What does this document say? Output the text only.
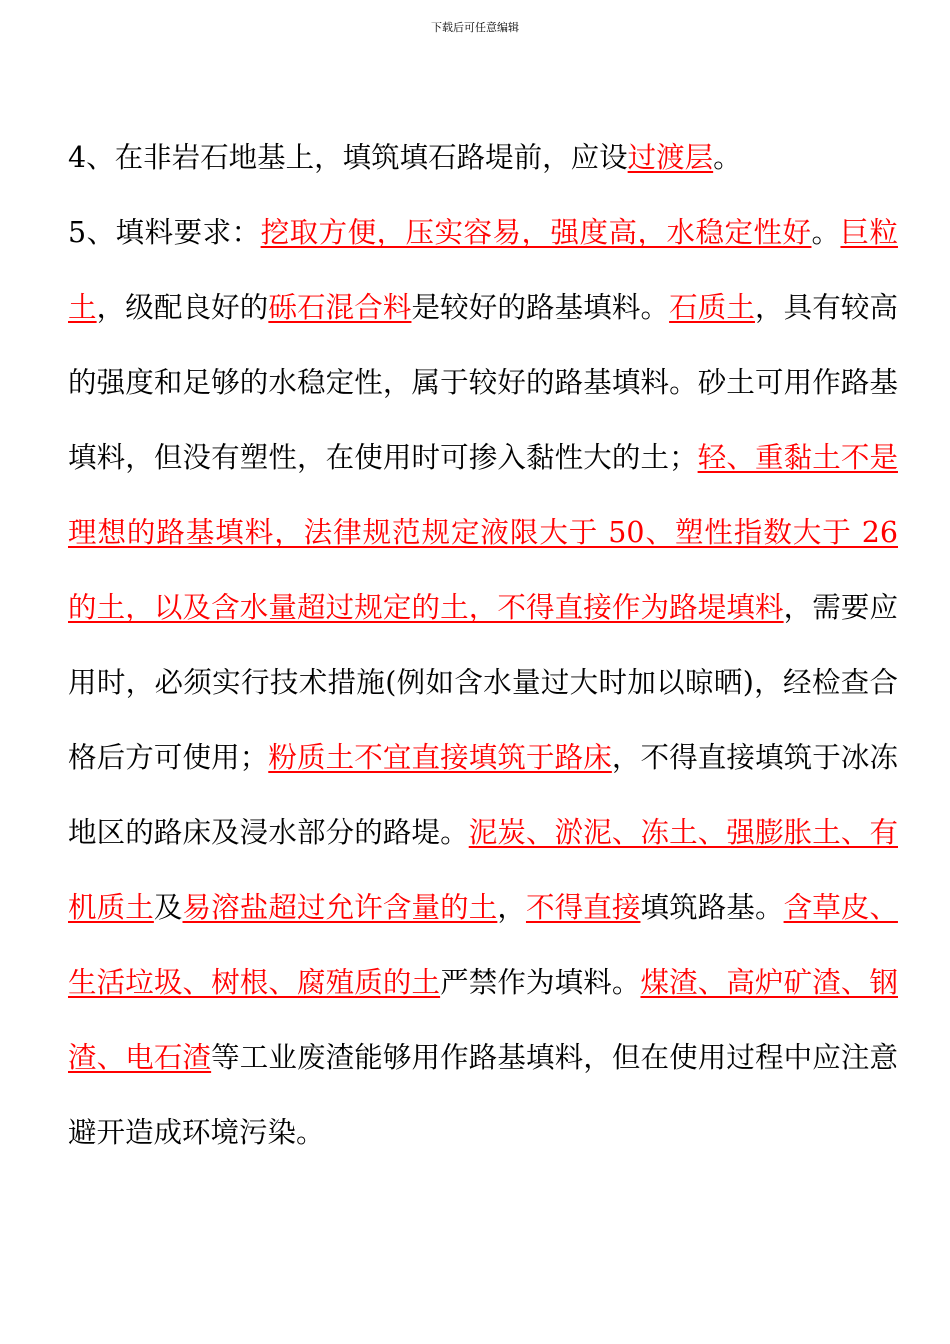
下载后可任意编辑

4、在非岩石地基上，填筑填石路堤前，应设过渡层。

5、填料要求：挖取方便，压实容易，强度高，水稳定性好。巨粒土，级配良好的砾石混合料是较好的路基填料。石质土，具有较高的强度和足够的水稳定性，属于较好的路基填料。砂土可用作路基填料，但没有塑性，在使用时可掺入黏性大的土；轻、重黏土不是理想的路基填料，法律规范规定液限大于 50、塑性指数大于 26 的土，以及含水量超过规定的土，不得直接作为路堤填料，需要应用时，必须实行技术措施(例如含水量过大时加以晾晒)，经检查合格后方可使用；粉质土不宜直接填筑于路床，不得直接填筑于冰冻地区的路床及浸水部分的路堤。泥炭、淤泥、冻土、强膨胀土、有机质土及易溶盐超过允许含量的土，不得直接填筑路基。含草皮、生活垃圾、树根、腐殖质的土严禁作为填料。煤渣、高炉矿渣、钢渣、电石渣等工业废渣能够用作路基填料，但在使用过程中应注意避开造成环境污染。
